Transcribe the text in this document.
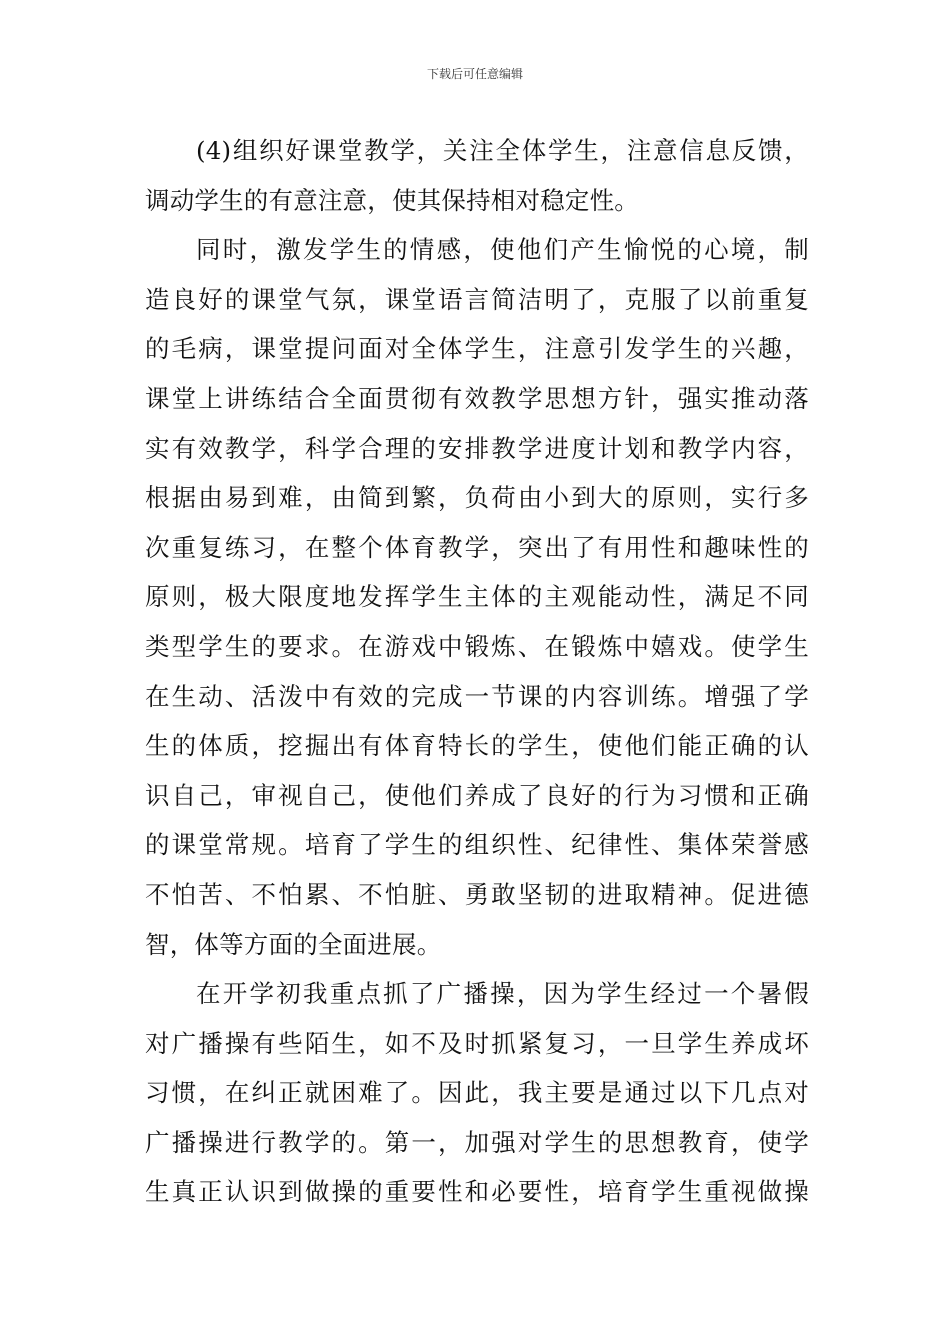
下载后可任意编辑
(4)组织好课堂教学，关注全体学生，注意信息反馈，
调动学生的有意注意，使其保持相对稳定性。
同时，激发学生的情感，使他们产生愉悦的心境，制
造良好的课堂气氛，课堂语言简洁明了，克服了以前重复
的毛病，课堂提问面对全体学生，注意引发学生的兴趣，
课堂上讲练结合全面贯彻有效教学思想方针，强实推动落
实有效教学，科学合理的安排教学进度计划和教学内容，
根据由易到难，由简到繁，负荷由小到大的原则，实行多
次重复练习，在整个体育教学，突出了有用性和趣味性的
原则，极大限度地发挥学生主体的主观能动性，满足不同
类型学生的要求。在游戏中锻炼、在锻炼中嬉戏。使学生
在生动、活泼中有效的完成一节课的内容训练。增强了学
生的体质，挖掘出有体育特长的学生，使他们能正确的认
识自己，审视自己，使他们养成了良好的行为习惯和正确
的课堂常规。培育了学生的组织性、纪律性、集体荣誉感
不怕苦、不怕累、不怕脏、勇敢坚韧的进取精神。促进德
智，体等方面的全面进展。
在开学初我重点抓了广播操，因为学生经过一个暑假
对广播操有些陌生，如不及时抓紧复习，一旦学生养成坏
习惯，在纠正就困难了。因此，我主要是通过以下几点对
广播操进行教学的。第一，加强对学生的思想教育，使学
生真正认识到做操的重要性和必要性，培育学生重视做操
